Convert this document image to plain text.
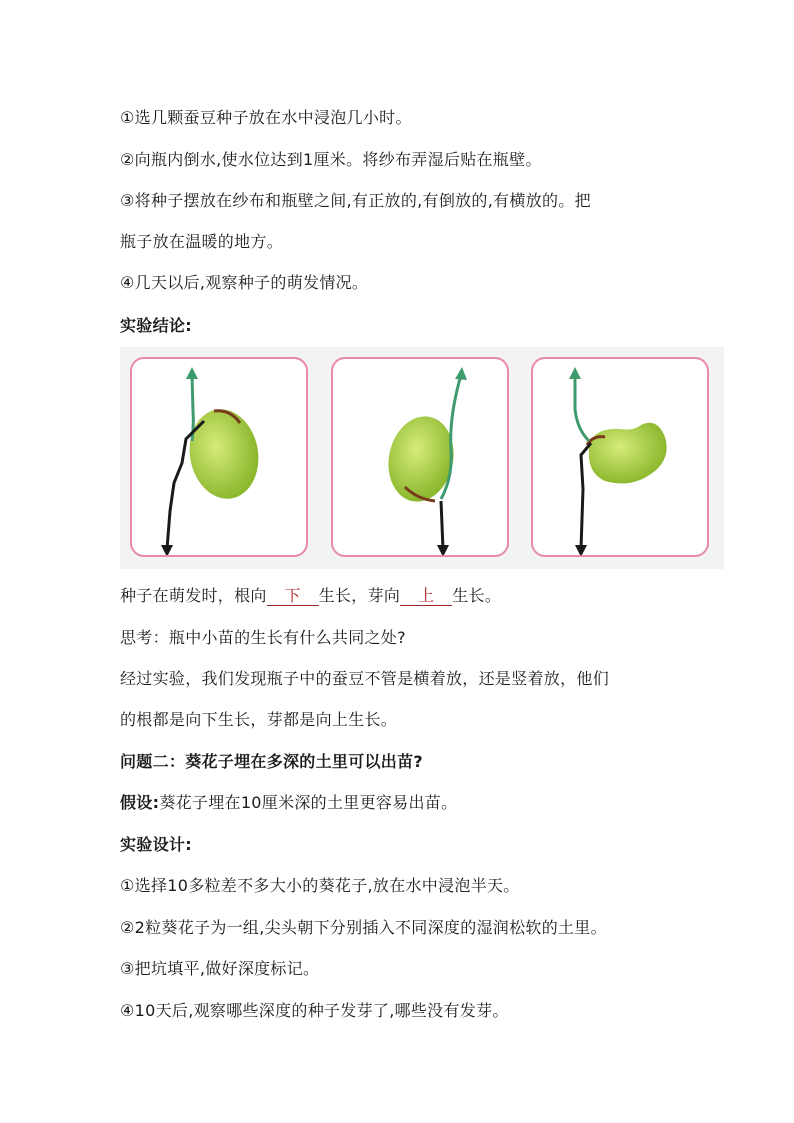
①选几颗蚕豆种子放在水中浸泡几小时。
②向瓶内倒水,使水位达到1厘米。将纱布弄湿后贴在瓶壁。
③将种子摆放在纱布和瓶壁之间,有正放的,有倒放的,有横放的。把
瓶子放在温暖的地方。
④几天以后,观察种子的萌发情况。
实验结论:
种子在萌发时，根向 下 生长，芽向 上 生长。
思考：瓶中小苗的生长有什么共同之处?
经过实验，我们发现瓶子中的蚕豆不管是横着放，还是竖着放，他们
的根都是向下生长，芽都是向上生长。
问题二：葵花子埋在多深的土里可以出苗?
假设:葵花子埋在10厘米深的土里更容易出苗。
实验设计:
①选择10多粒差不多大小的葵花子,放在水中浸泡半天。
②2粒葵花子为一组,尖头朝下分别插入不同深度的湿润松软的土里。
③把坑填平,做好深度标记。
④10天后,观察哪些深度的种子发芽了,哪些没有发芽。
